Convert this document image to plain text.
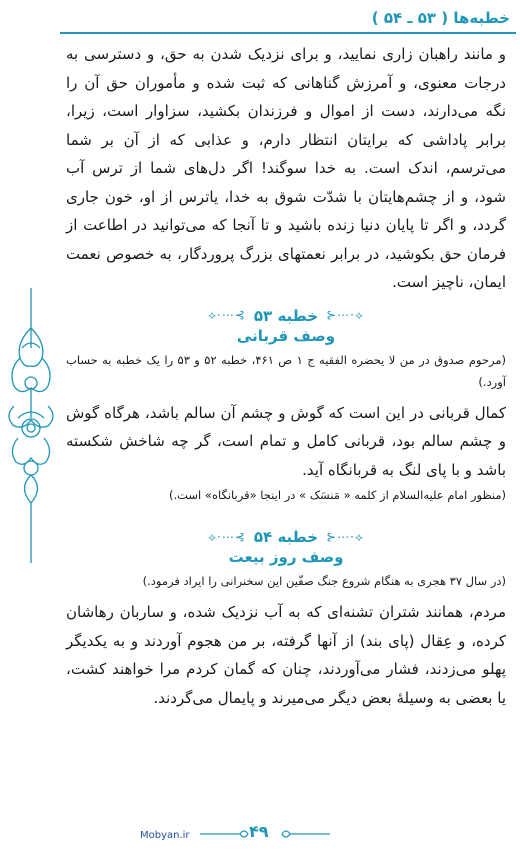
خطبه‌ها ( ۵۳ ـ ۵۴ )

و مانند راهبان زاری نمایید، و برای نزدیک شدن به حق، و دسترسی به درجات معنوی، و آمرزش گناهانی که ثبت شده و مأموران حق آن را نگه می‌دارند، دست از اموال و فرزندان بکشید، سزاوار است، زیرا، برابر پاداشی که برایتان انتظار دارم، و عذابی که از آن بر شما می‌ترسم، اندک است. به خدا سوگند! اگر دل‌های شما از ترس آب شود، و از چشم‌هایتان با شدّت شوق به خدا، یاترس از او، خون جاری گردد، و اگر تا پایان دنیا زنده باشید و تا آنجا که می‌توانید در اطاعت از فرمان حق بکوشید، در برابر نعمتهای بزرگ پروردگار، به خصوص نعمت ایمان، ناچیز است.

⟡·⋯⊰
خطبه ۵۳
⊱⋯·⟡
وصف قربانی

(مرحوم صدوق در من لا یحضره الفقیه ج ۱ ص ۴۶۱، خطبه ۵۲ و ۵۳ را یک خطبه به حساب آورد.)

کمال قربانی در این است که گوش و چشم آن سالم باشد، هرگاه گوش و چشم سالم بود، قربانی کامل و تمام است، گر چه شاخش شکسته باشد و با پای لنگ به قربانگاه آید.

(منظور امام علیه‌السلام از کلمه « مَنسَک » در اینجا «قربانگاه» است.)

⟡·⋯⊰
خطبه ۵۴
⊱⋯·⟡
وصف روز بیعت

(در سال ۳۷ هجری به هنگام شروع جنگ صفّین این سخنرانی را ایراد فرمود.)

مردم، همانند شتران تشنه‌ای که به آب نزدیک شده، و ساربان رهاشان کرده، و عِقال (پای بند) از آنها گرفته، بر من هجوم آوردند و به یکدیگر پهلو می‌زدند، فشار می‌آوردند، چنان که گمان کردم مرا خواهند کشت، یا بعضی به وسیلۀ بعض دیگر می‌میرند و پایمال می‌گردند.

Mobyan.ir	۴۹
